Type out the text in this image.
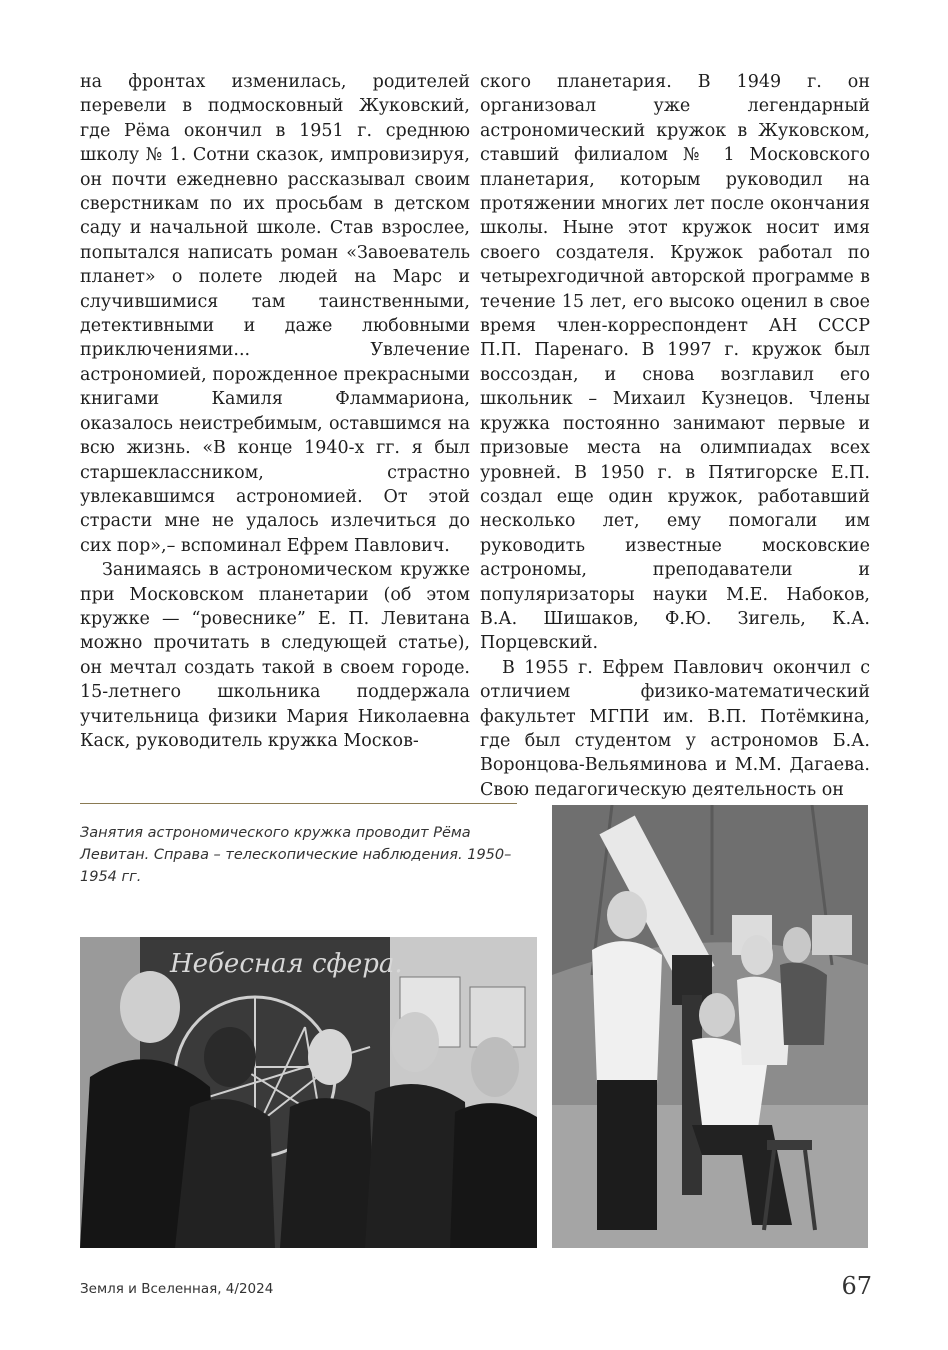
на фронтах изменилась, родителей перевели в подмосковный Жуковский, где Рёма окончил в 1951 г. среднюю школу № 1. Сотни сказок, импровизируя, он почти ежедневно рассказывал своим сверстникам по их просьбам в детском саду и начальной школе. Став взрослее, попытался написать роман «Завоеватель планет» о полете людей на Марс и случившимися там таинственными, детективными и даже любовными приключениями... Увлечение астрономией, порожденное прекрасными книгами Камиля Фламмариона, оказалось неистребимым, оставшимся на всю жизнь. «В конце 1940-х гг. я был старшеклассником, страстно увлекавшимся астрономией. От этой страсти мне не удалось излечиться до сих пор»,– вспоминал Ефрем Павлович.

Занимаясь в астрономическом кружке при Московском планетарии (об этом кружке — “ровеснике” Е. П. Левитана можно прочитать в следующей статье), он мечтал создать такой в своем городе. 15-летнего школьника поддержала учительница физики Мария Николаевна Каск, руководитель кружка Москов-

ского планетария. В 1949 г. он организовал уже легендарный астрономический кружок в Жуковском, ставший филиалом № 1 Московского планетария, которым руководил на протяжении многих лет после окончания школы. Ныне этот кружок носит имя своего создателя. Кружок работал по четырехгодичной авторской программе в течение 15 лет, его высоко оценил в свое время член-корреспондент АН СССР П.П. Паренаго. В 1997 г. кружок был воссоздан, и снова возглавил его школьник – Михаил Кузнецов. Члены кружка постоянно занимают первые и призовые места на олимпиадах всех уровней. В 1950 г. в Пятигорске Е.П. создал еще один кружок, работавший несколько лет, ему помогали им руководить известные московские астрономы, преподаватели и популяризаторы науки М.Е. Набоков, В.А. Шишаков, Ф.Ю. Зигель, К.А. Порцевский.

В 1955 г. Ефрем Павлович окончил с отличием физико-математический факультет МГПИ им. В.П. Потёмкина, где был студентом у астрономов Б.А. Воронцова-Вельяминова и М.М. Дагаева. Свою педагогическую деятельность он

Занятия астрономического кружка проводит Рёма Левитан. Справа – телескопические наблюдения. 1950–1954 гг.
Небесная сфера.
Земля и Вселенная, 4/2024	67
